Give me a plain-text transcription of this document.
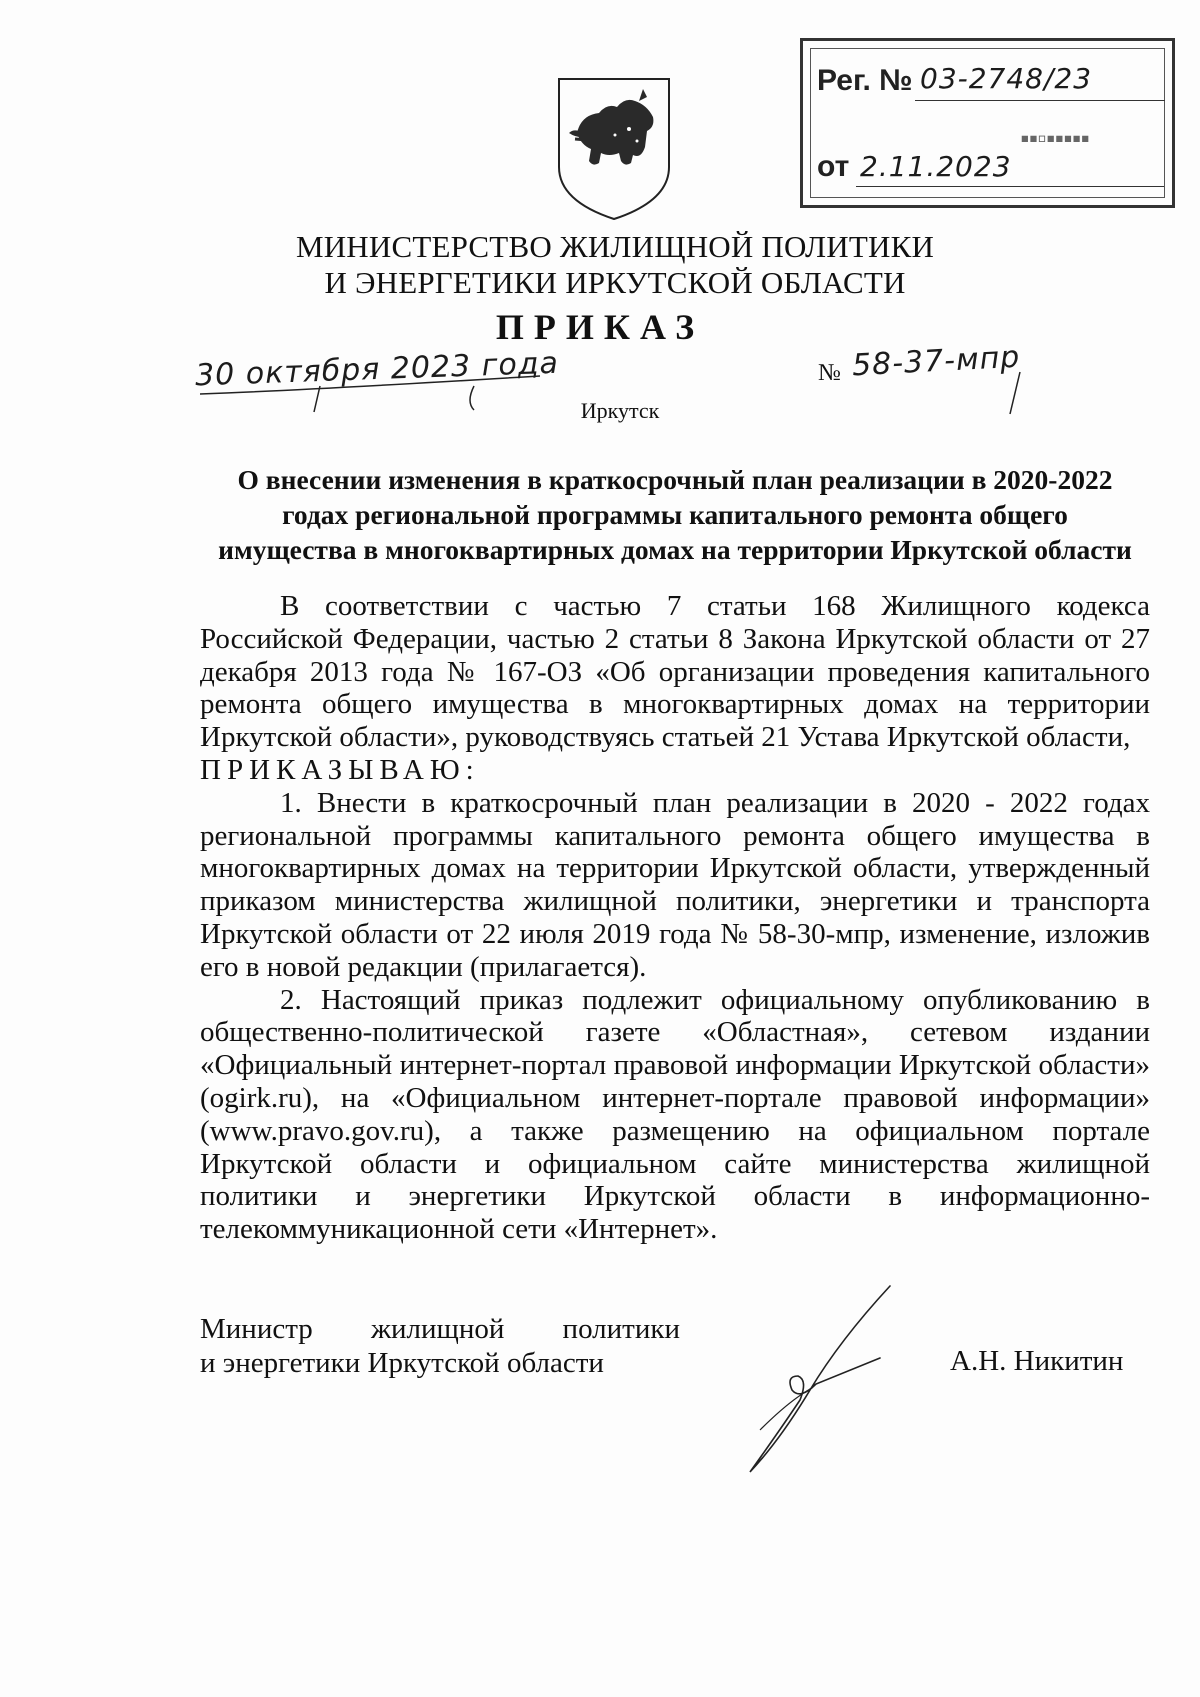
Рег. № 03-2748/23
от 2.11.2023
▪▪▫▪▪▪▪▪
МИНИСТЕРСТВО ЖИЛИЩНОЙ ПОЛИТИКИ
И ЭНЕРГЕТИКИ ИРКУТСКОЙ ОБЛАСТИ
ПРИКАЗ
30 октября 2023 года	№ 58-37-мпр
Иркутск
О внесении изменения в краткосрочный план реализации в 2020-2022
годах региональной программы капитального ремонта общего
имущества в многоквартирных домах на территории Иркутской области

В соответствии с частью 7 статьи 168 Жилищного кодекса Российской Федерации, частью 2 статьи 8 Закона Иркутской области от 27 декабря 2013 года № 167-ОЗ «Об организации проведения капитального ремонта общего имущества в многоквартирных домах на территории Иркутской области», руководствуясь статьей 21 Устава Иркутской области,

ПРИКАЗЫВАЮ:

1. Внести в краткосрочный план реализации в 2020 - 2022 годах региональной программы капитального ремонта общего имущества в многоквартирных домах на территории Иркутской области, утвержденный приказом министерства жилищной политики, энергетики и транспорта Иркутской области от 22 июля 2019 года № 58-30-мпр, изменение, изложив его в новой редакции (прилагается).

2. Настоящий приказ подлежит официальному опубликованию в общественно-политической газете «Областная», сетевом издании «Официальный интернет-портал правовой информации Иркутской области» (ogirk.ru), на «Официальном интернет-портале правовой информации» (www.pravo.gov.ru), а также размещению на официальном портале Иркутской области и официальном сайте министерства жилищной политики и энергетики Иркутской области в информационно-телекоммуникационной сети «Интернет».

Министр жилищной политики
и энергетики Иркутской области	А.Н. Никитин
